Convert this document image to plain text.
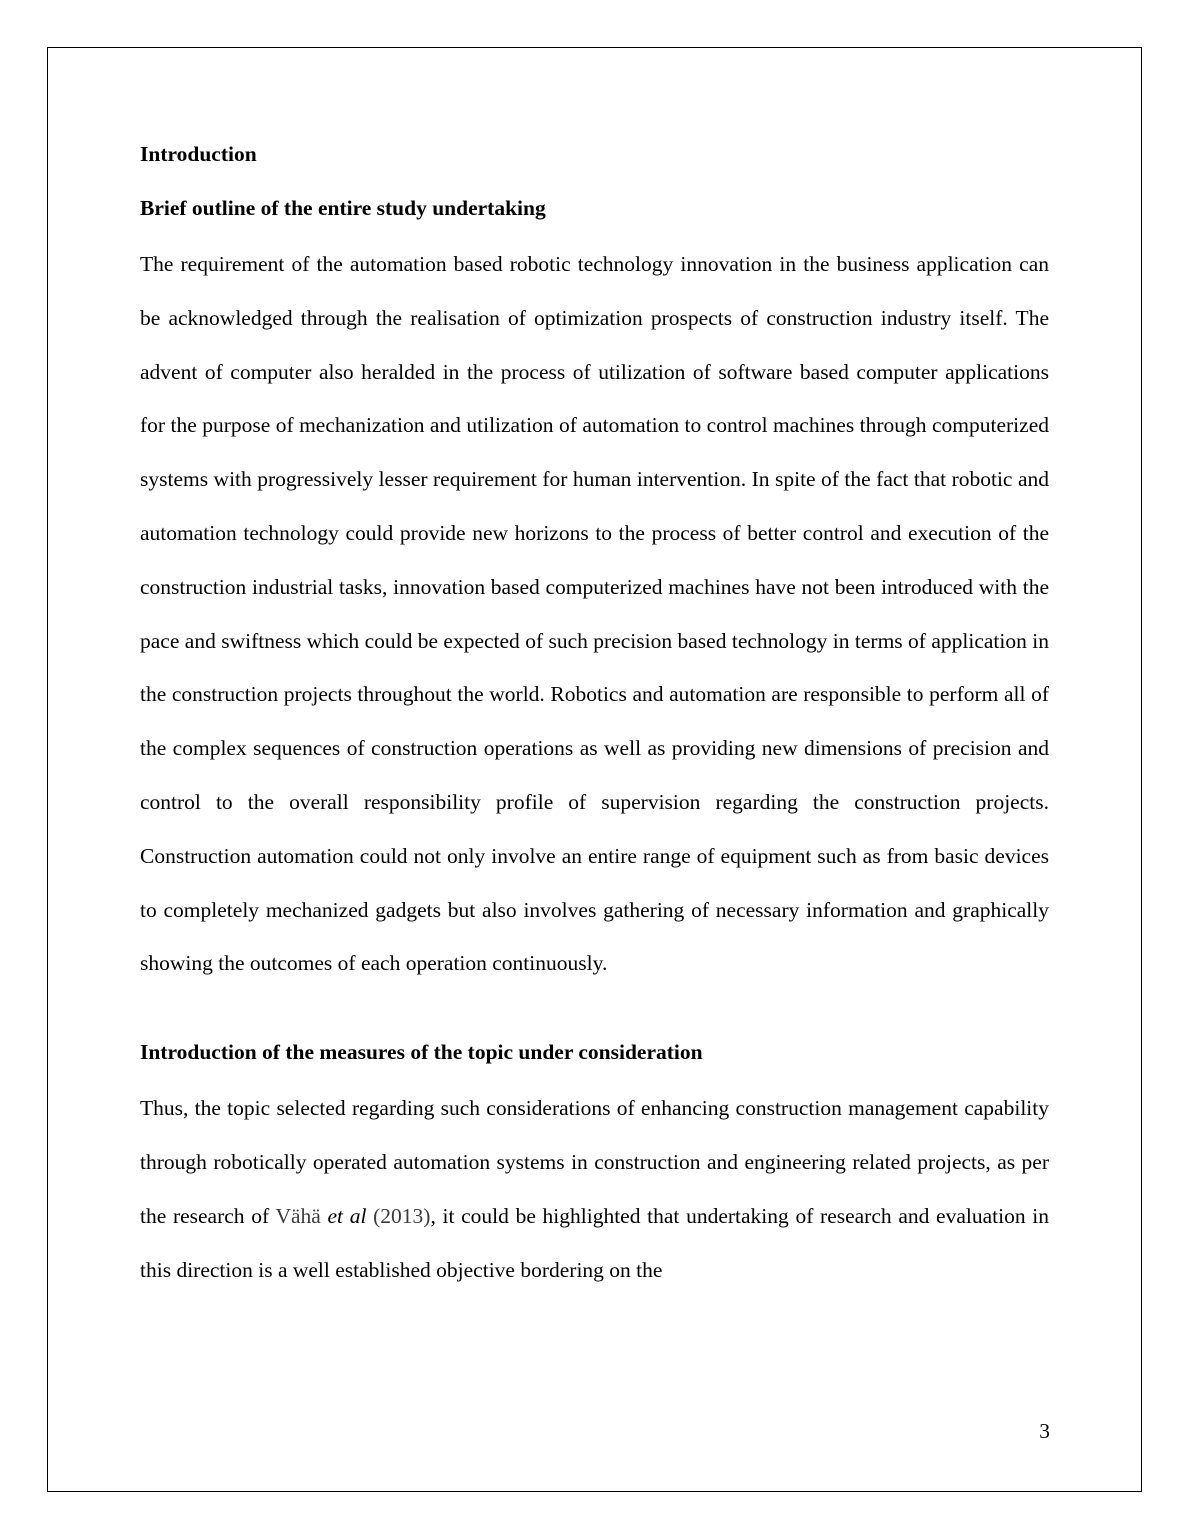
Introduction

Brief outline of the entire study undertaking

The requirement of the automation based robotic technology innovation in the business application can be acknowledged through the realisation of optimization prospects of construction industry itself. The advent of computer also heralded in the process of utilization of software based computer applications for the purpose of mechanization and utilization of automation to control machines through computerized systems with progressively lesser requirement for human intervention. In spite of the fact that robotic and automation technology could provide new horizons to the process of better control and execution of the construction industrial tasks, innovation based computerized machines have not been introduced with the pace and swiftness which could be expected of such precision based technology in terms of application in the construction projects throughout the world. Robotics and automation are responsible to perform all of the complex sequences of construction operations as well as providing new dimensions of precision and control to the overall responsibility profile of supervision regarding the construction projects. Construction automation could not only involve an entire range of equipment such as from basic devices to completely mechanized gadgets but also involves gathering of necessary information and graphically showing the outcomes of each operation continuously.

Introduction of the measures of the topic under consideration

Thus, the topic selected regarding such considerations of enhancing construction management capability through robotically operated automation systems in construction and engineering related projects, as per the research of Vähä et al (2013), it could be highlighted that undertaking of research and evaluation in this direction is a well established objective bordering on the

3
